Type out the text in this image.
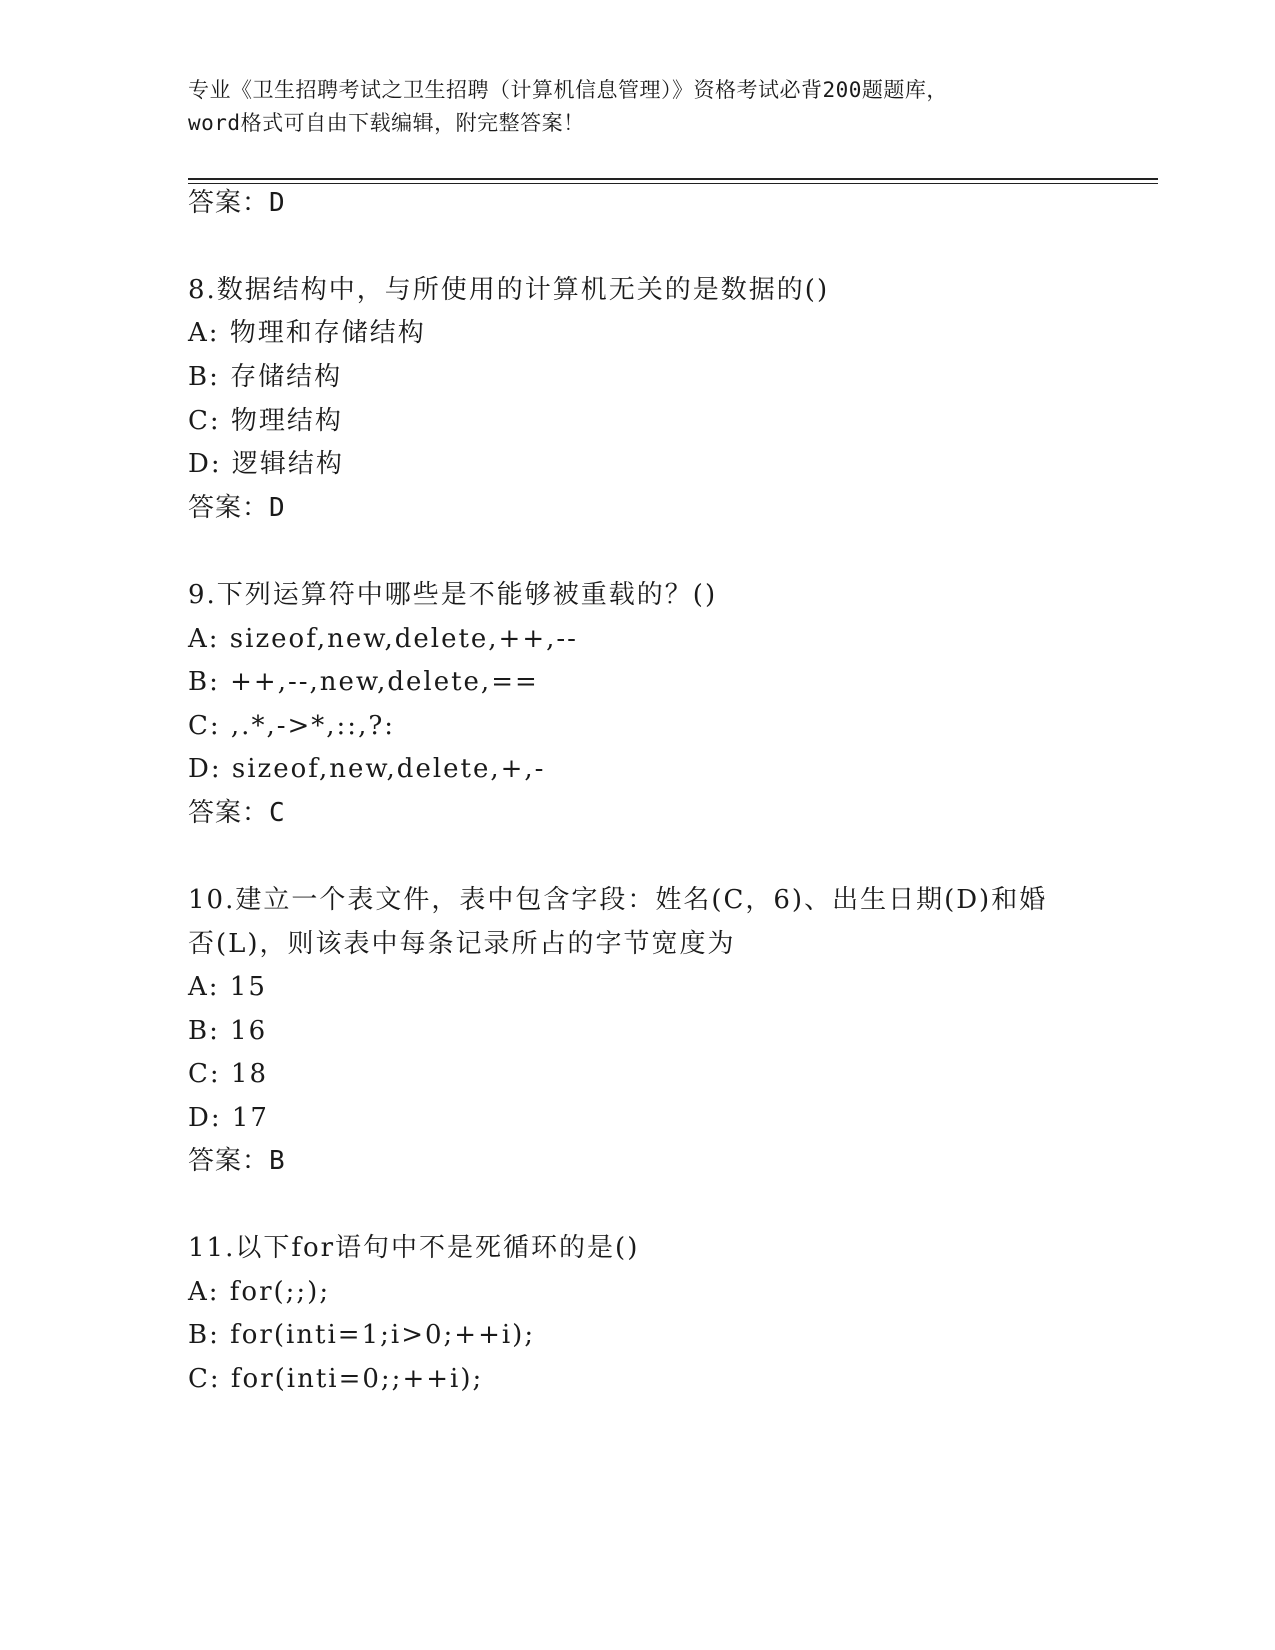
专业《卫生招聘考试之卫生招聘（计算机信息管理）》资格考试必背200题题库，
word格式可自由下载编辑，附完整答案！
答案：D
8.数据结构中，与所使用的计算机无关的是数据的()
A: 物理和存储结构
B: 存储结构
C: 物理结构
D: 逻辑结构
答案：D
9.下列运算符中哪些是不能够被重载的？()
A: sizeof,new,delete,++,--
B: ++,--,new,delete,==
C: ,.*,->*,::,?:
D: sizeof,new,delete,+,-
答案：C
10.建立一个表文件，表中包含字段：姓名(C，6)、出生日期(D)和婚
否(L)，则该表中每条记录所占的字节宽度为
A: 15
B: 16
C: 18
D: 17
答案：B
11.以下for语句中不是死循环的是()
A: for(;;);
B: for(inti=1;i>0;++i);
C: for(inti=0;;++i);
